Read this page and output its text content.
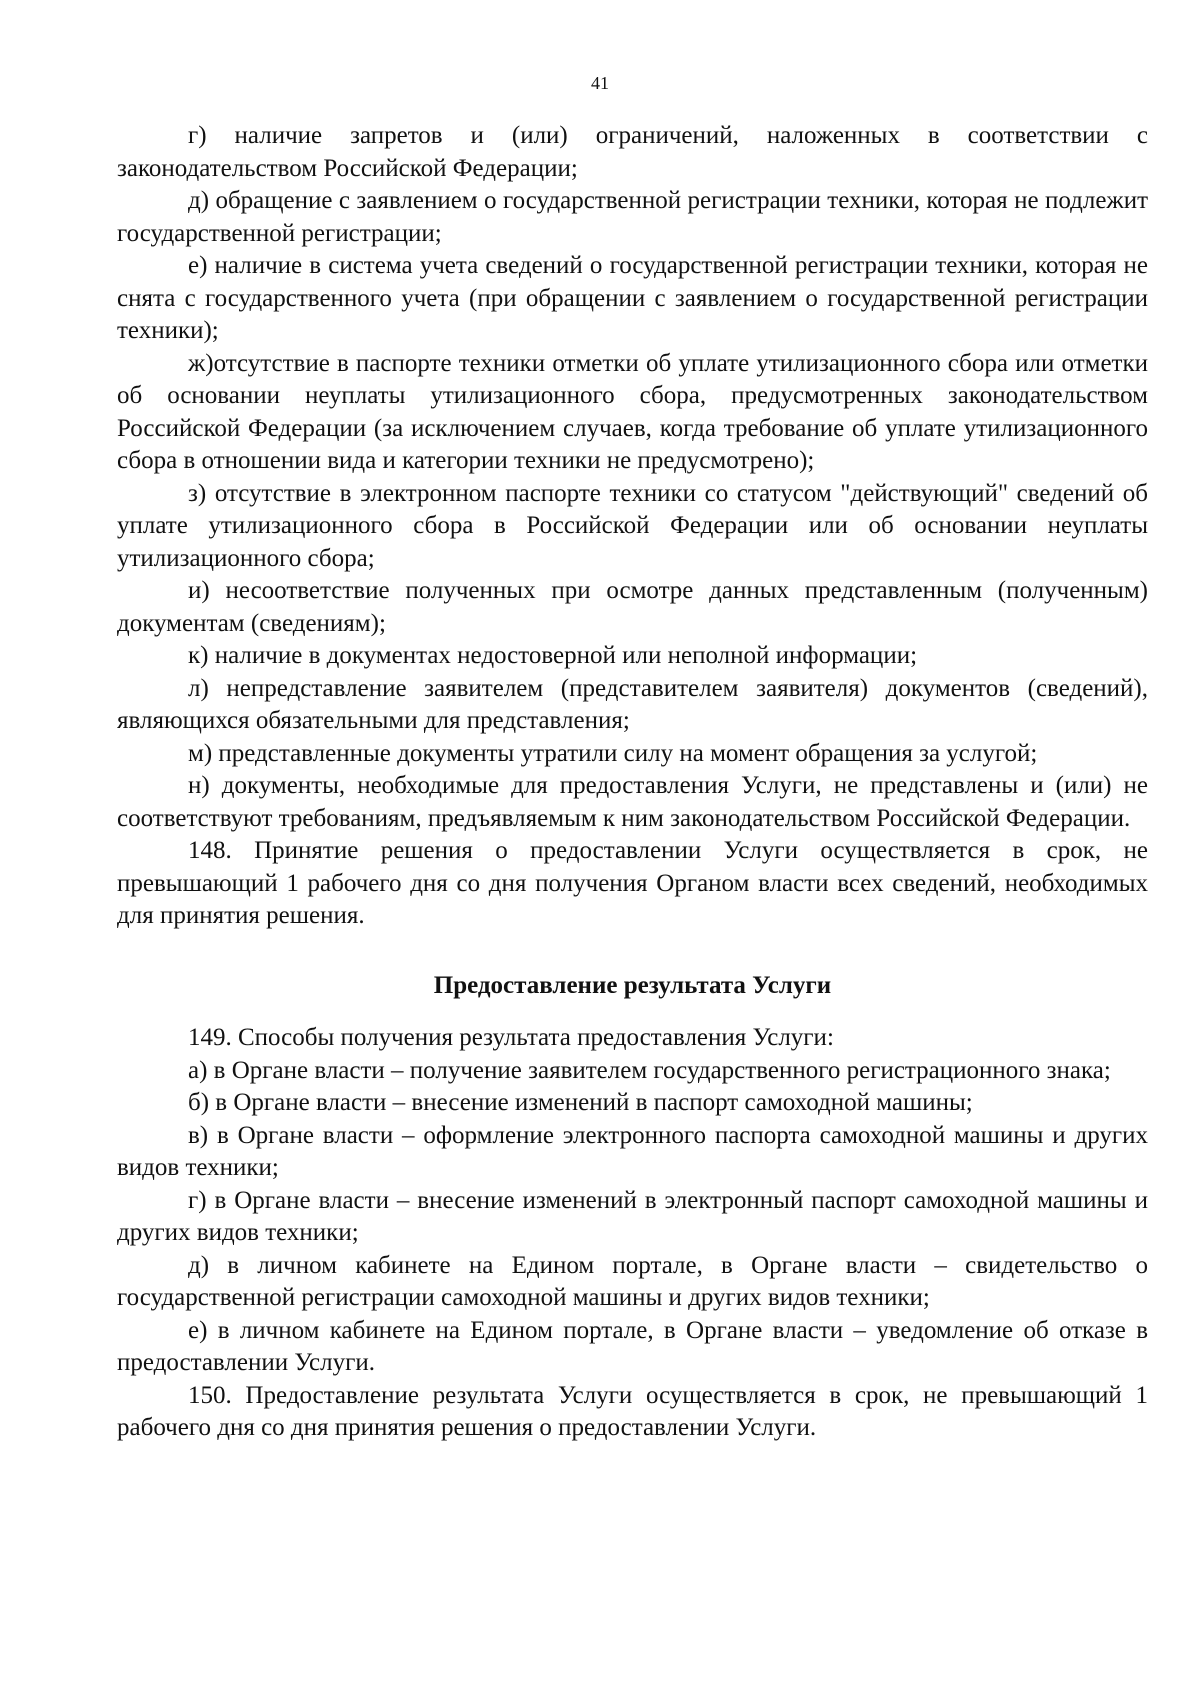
41

г) наличие запретов и (или) ограничений, наложенных в соответствии с законодательством Российской Федерации;

д) обращение с заявлением о государственной регистрации техники, которая не подлежит государственной регистрации;

е) наличие в система учета сведений о государственной регистрации техники, которая не снята с государственного учета (при обращении с заявлением о государственной регистрации техники);

ж)отсутствие в паспорте техники отметки об уплате утилизационного сбора или отметки об основании неуплаты утилизационного сбора, предусмотренных законодательством Российской Федерации (за исключением случаев, когда требование об уплате утилизационного сбора в отношении вида и категории техники не предусмотрено);

з) отсутствие в электронном паспорте техники со статусом "действующий" сведений об уплате утилизационного сбора в Российской Федерации или об основании неуплаты утилизационного сбора;

и) несоответствие полученных при осмотре данных представленным (полученным) документам (сведениям);

к) наличие в документах недостоверной или неполной информации;

л) непредставление заявителем (представителем заявителя) документов (сведений), являющихся обязательными для представления;

м) представленные документы утратили силу на момент обращения за услугой;

н) документы, необходимые для предоставления Услуги, не представлены и (или) не соответствуют требованиям, предъявляемым к ним законодательством Российской Федерации.

148. Принятие решения о предоставлении Услуги осуществляется в срок, не превышающий 1 рабочего дня со дня получения Органом власти всех сведений, необходимых для принятия решения.

Предоставление результата Услуги

149. Способы получения результата предоставления Услуги:

а) в Органе власти – получение заявителем государственного регистрационного знака;

б) в Органе власти – внесение изменений в паспорт самоходной машины;

в) в Органе власти – оформление электронного паспорта самоходной машины и других видов техники;

г) в Органе власти – внесение изменений в электронный паспорт самоходной машины и других видов техники;

д) в личном кабинете на Едином портале, в Органе власти – свидетельство о государственной регистрации самоходной машины и других видов техники;

е) в личном кабинете на Едином портале, в Органе власти – уведомление об отказе в предоставлении Услуги.

150. Предоставление результата Услуги осуществляется в срок, не превышающий 1 рабочего дня со дня принятия решения о предоставлении Услуги.
